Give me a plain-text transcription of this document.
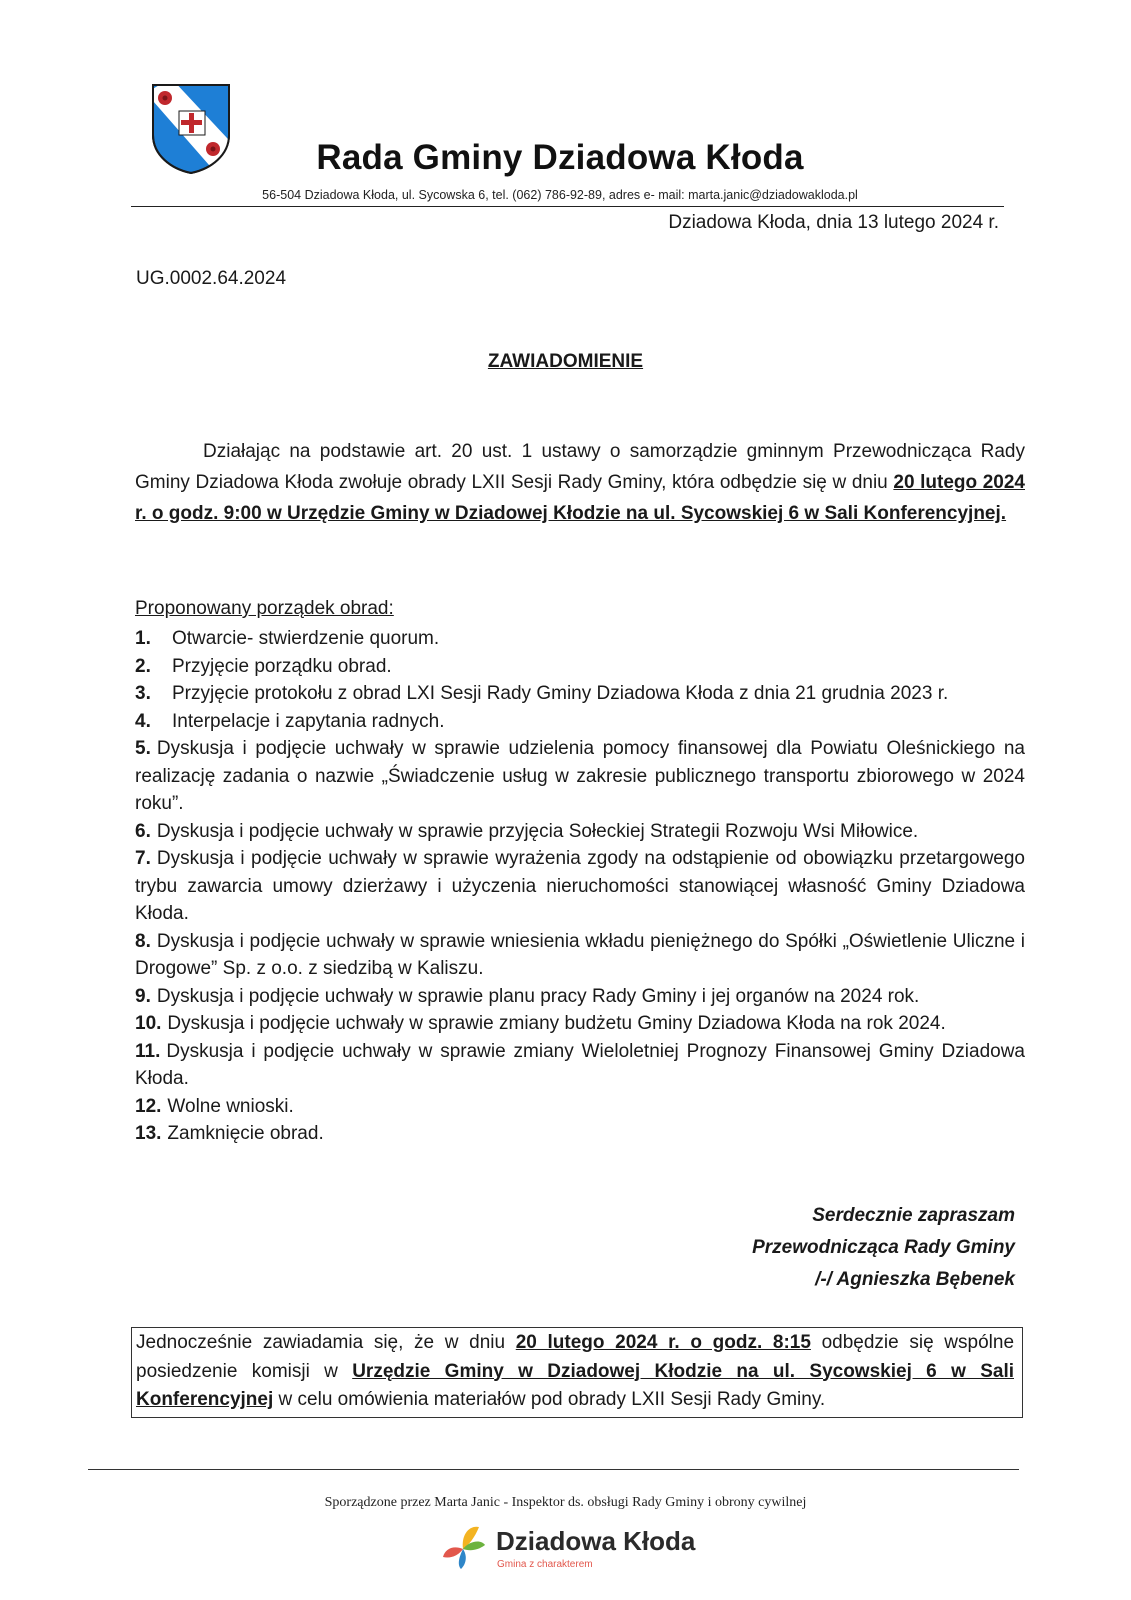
Rada Gminy Dziadowa Kłoda
56-504 Dziadowa Kłoda, ul. Sycowska 6, tel. (062) 786-92-89, adres e- mail: marta.janic@dziadowakloda.pl
Dziadowa Kłoda, dnia 13 lutego 2024 r.
UG.0002.64.2024
ZAWIADOMIENIE
Działając na podstawie art. 20 ust. 1 ustawy o samorządzie gminnym Przewodnicząca Rady Gminy Dziadowa Kłoda zwołuje obrady LXII Sesji Rady Gminy, która odbędzie się w dniu 20 lutego 2024 r. o godz. 9:00 w Urzędzie Gminy w Dziadowej Kłodzie na ul. Sycowskiej 6 w Sali Konferencyjnej.
Proponowany porządek obrad:
1. Otwarcie- stwierdzenie quorum.
2. Przyjęcie porządku obrad.
3. Przyjęcie protokołu z obrad LXI Sesji Rady Gminy Dziadowa Kłoda z dnia 21 grudnia 2023 r.
4. Interpelacje i zapytania radnych.
5. Dyskusja i podjęcie uchwały w sprawie udzielenia pomocy finansowej dla Powiatu Oleśnickiego na realizację zadania o nazwie „Świadczenie usług w zakresie publicznego transportu zbiorowego w 2024 roku”.
6. Dyskusja i podjęcie uchwały w sprawie przyjęcia Sołeckiej Strategii Rozwoju Wsi Miłowice.
7. Dyskusja i podjęcie uchwały w sprawie wyrażenia zgody na odstąpienie od obowiązku przetargowego trybu zawarcia umowy dzierżawy i użyczenia nieruchomości stanowiącej własność Gminy Dziadowa Kłoda.
8. Dyskusja i podjęcie uchwały w sprawie wniesienia wkładu pieniężnego do Spółki „Oświetlenie Uliczne i Drogowe” Sp. z o.o. z siedzibą w Kaliszu.
9. Dyskusja i podjęcie uchwały w sprawie planu pracy Rady Gminy i jej organów na 2024 rok.
10. Dyskusja i podjęcie uchwały w sprawie zmiany budżetu Gminy Dziadowa Kłoda na rok 2024.
11. Dyskusja i podjęcie uchwały w sprawie zmiany Wieloletniej Prognozy Finansowej Gminy Dziadowa Kłoda.
12. Wolne wnioski.
13. Zamknięcie obrad.
Serdecznie zapraszam
Przewodnicząca Rady Gminy
/-/ Agnieszka Bębenek
Jednocześnie zawiadamia się, że w dniu 20 lutego 2024 r. o godz. 8:15 odbędzie się wspólne posiedzenie komisji w Urzędzie Gminy w Dziadowej Kłodzie na ul. Sycowskiej 6 w Sali Konferencyjnej w celu omówienia materiałów pod obrady LXII Sesji Rady Gminy.
Sporządzone przez Marta Janic - Inspektor ds. obsługi Rady Gminy i obrony cywilnej
Dziadowa Kłoda
Gmina z charakterem
